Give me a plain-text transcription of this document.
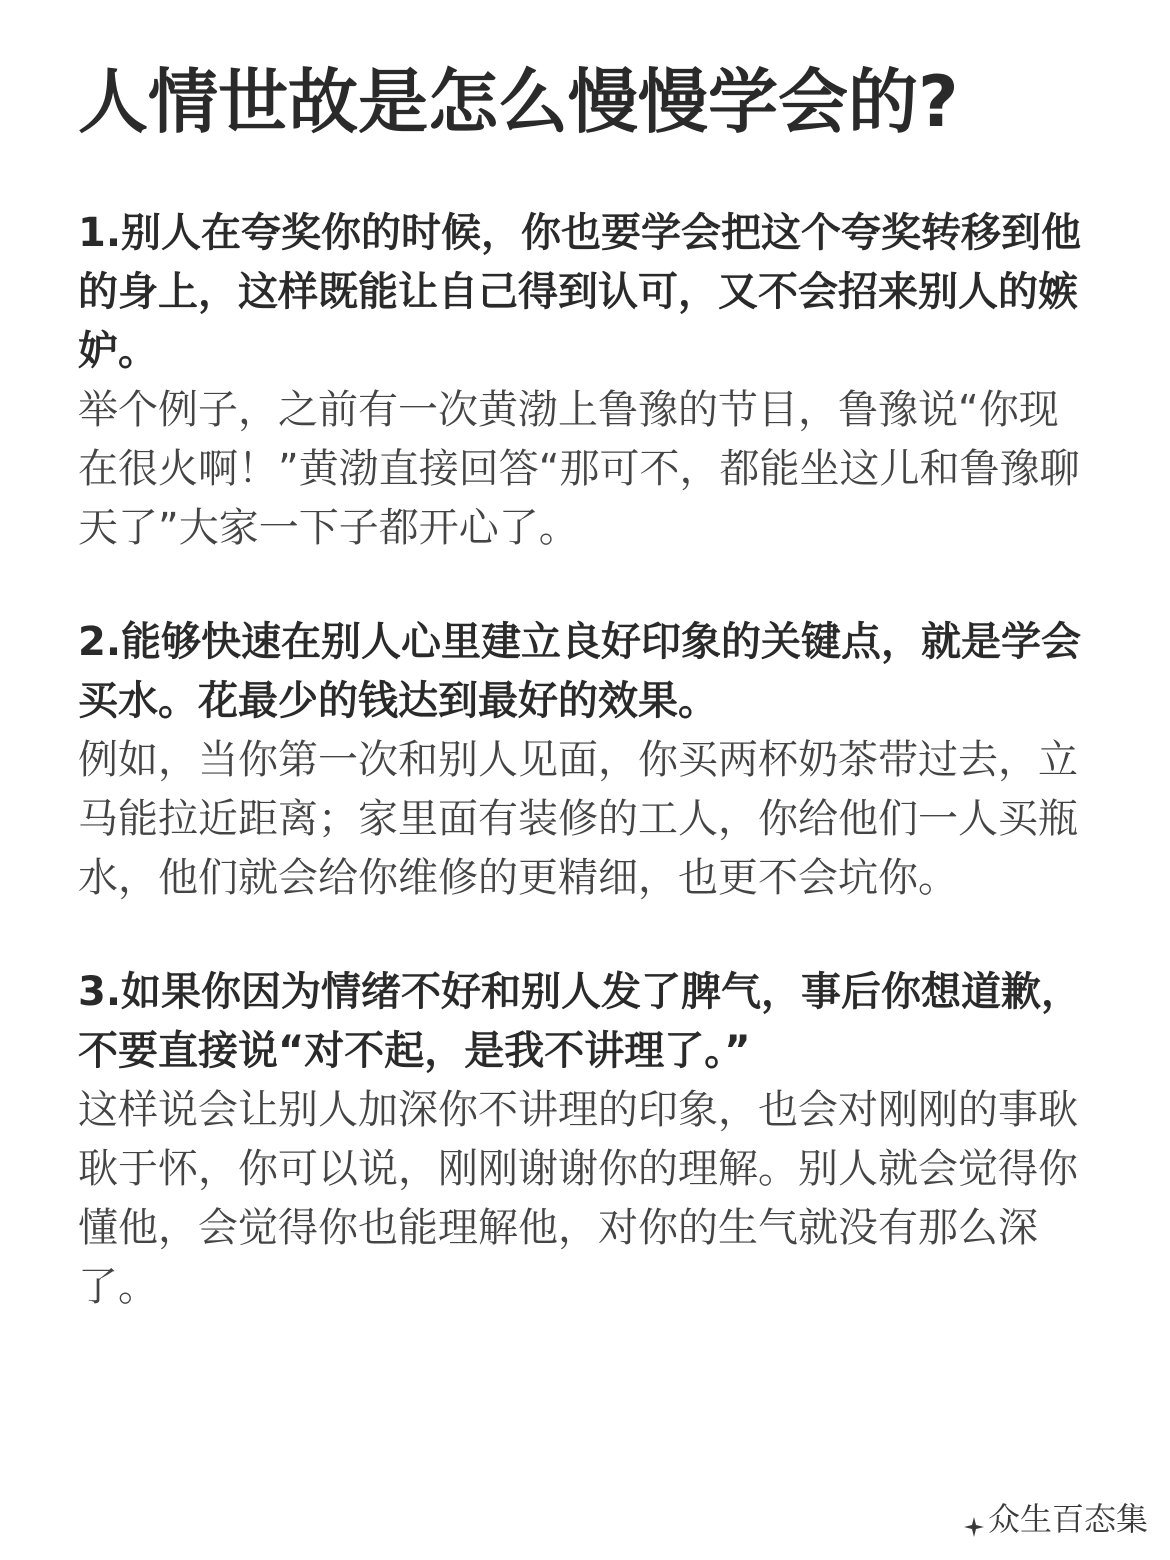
人情世故是怎么慢慢学会的?

1.别人在夸奖你的时候，你也要学会把这个夸奖转移到他的身上，这样既能让自己得到认可，又不会招来别人的嫉妒。

举个例子，之前有一次黄渤上鲁豫的节目，鲁豫说“你现在很火啊！”黄渤直接回答“那可不，都能坐这儿和鲁豫聊天了”大家一下子都开心了。

2.能够快速在别人心里建立良好印象的关键点，就是学会买水。花最少的钱达到最好的效果。

例如，当你第一次和别人见面，你买两杯奶茶带过去，立马能拉近距离；家里面有装修的工人，你给他们一人买瓶水，他们就会给你维修的更精细，也更不会坑你。

3.如果你因为情绪不好和别人发了脾气，事后你想道歉，不要直接说“对不起，是我不讲理了。”

这样说会让别人加深你不讲理的印象，也会对刚刚的事耿耿于怀，你可以说，刚刚谢谢你的理解。别人就会觉得你懂他，会觉得你也能理解他，对你的生气就没有那么深了。

众生百态集
